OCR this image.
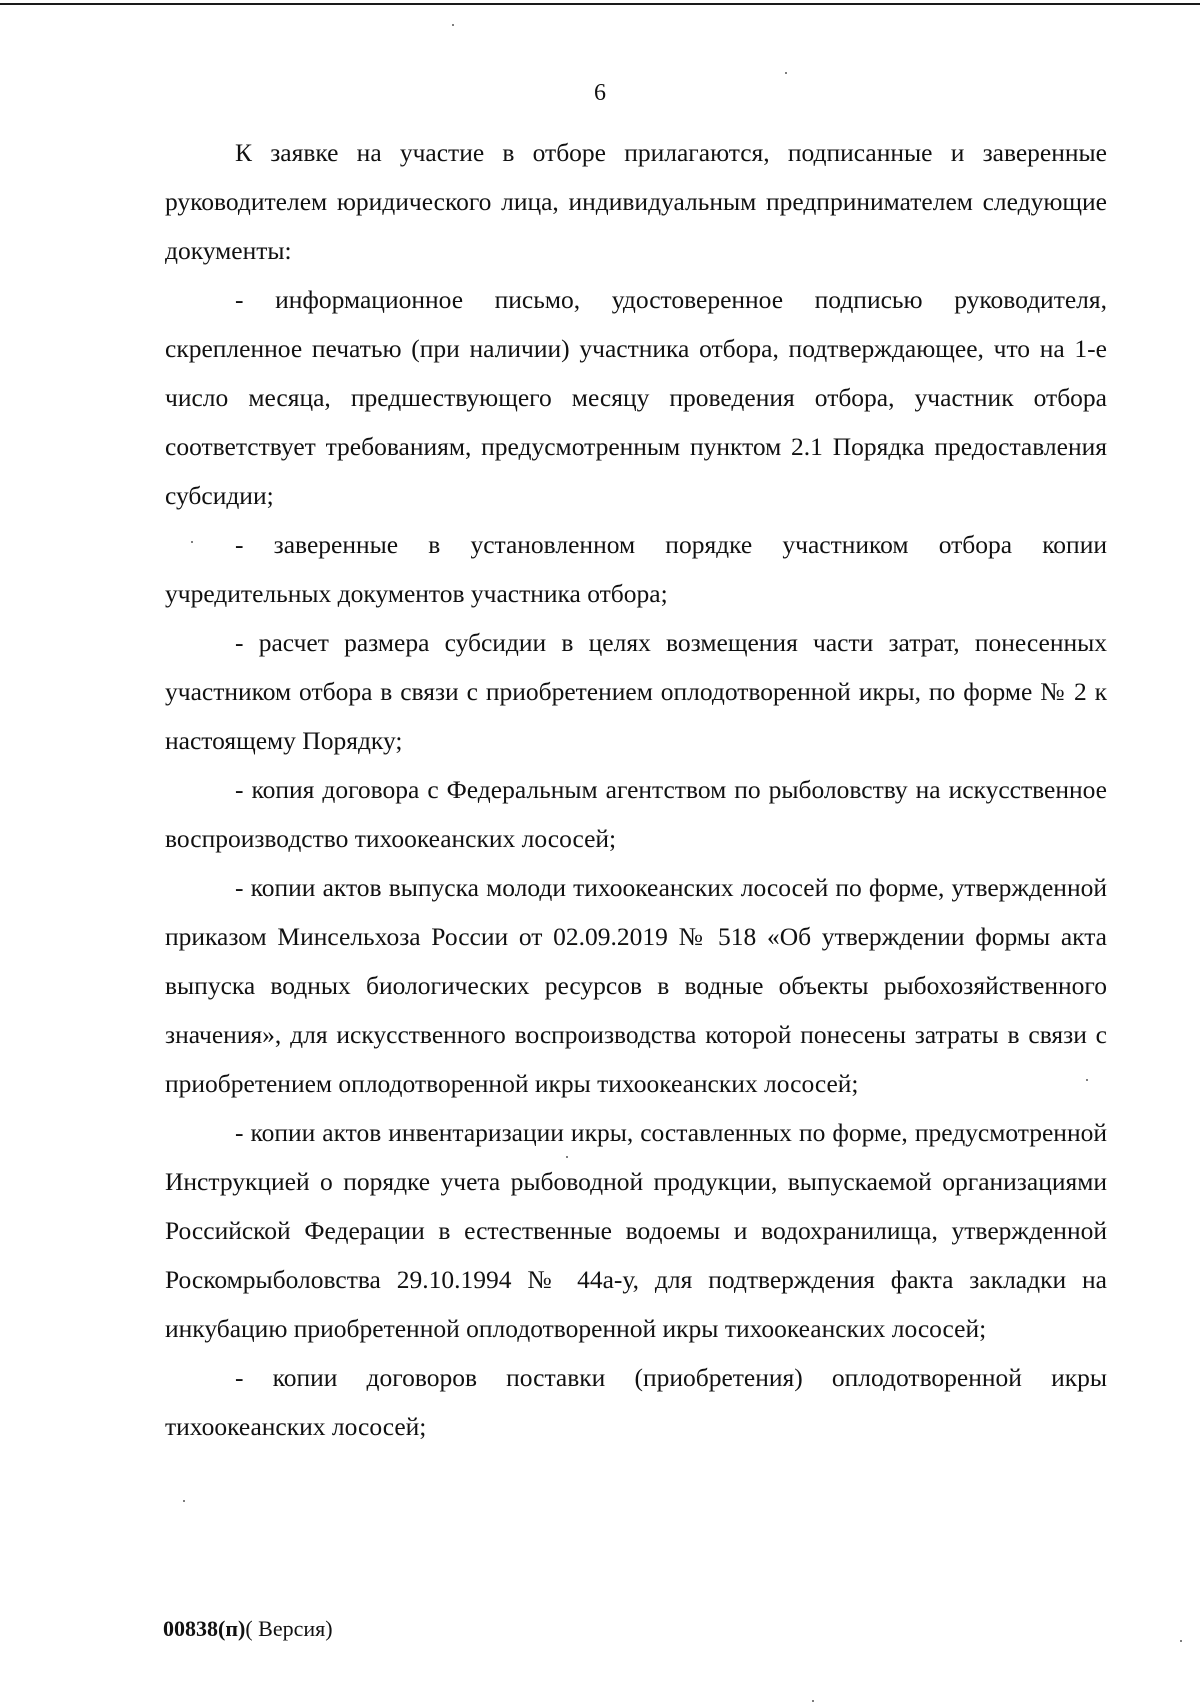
6

К заявке на участие в отборе прилагаются, подписанные и заверенные руководителем юридического лица, индивидуальным предпринимателем следующие документы:

- информационное письмо, удостоверенное подписью руководителя, скрепленное печатью (при наличии) участника отбора, подтверждающее, что на 1-е число месяца, предшествующего месяцу проведения отбора, участник отбора соответствует требованиям, предусмотренным пунктом 2.1 Порядка предоставления субсидии;

- заверенные в установленном порядке участником отбора копии учредительных документов участника отбора;

- расчет размера субсидии в целях возмещения части затрат, понесенных участником отбора в связи с приобретением оплодотворенной икры, по форме № 2 к настоящему Порядку;

- копия договора с Федеральным агентством по рыболовству на искусственное воспроизводство тихоокеанских лососей;

- копии актов выпуска молоди тихоокеанских лососей по форме, утвержденной приказом Минсельхоза России от 02.09.2019 № 518 «Об утверждении формы акта выпуска водных биологических ресурсов в водные объекты рыбохозяйственного значения», для искусственного воспроизводства которой понесены затраты в связи с приобретением оплодотворенной икры тихоокеанских лососей;

- копии актов инвентаризации икры, составленных по форме, предусмотренной Инструкцией о порядке учета рыбоводной продукции, выпускаемой организациями Российской Федерации в естественные водоемы и водохранилища, утвержденной Роскомрыболовства 29.10.1994 № 44а-у, для подтверждения факта закладки на инкубацию приобретенной оплодотворенной икры тихоокеанских лососей;

- копии договоров поставки (приобретения) оплодотворенной икры тихоокеанских лососей;

00838(п)( Версия)
